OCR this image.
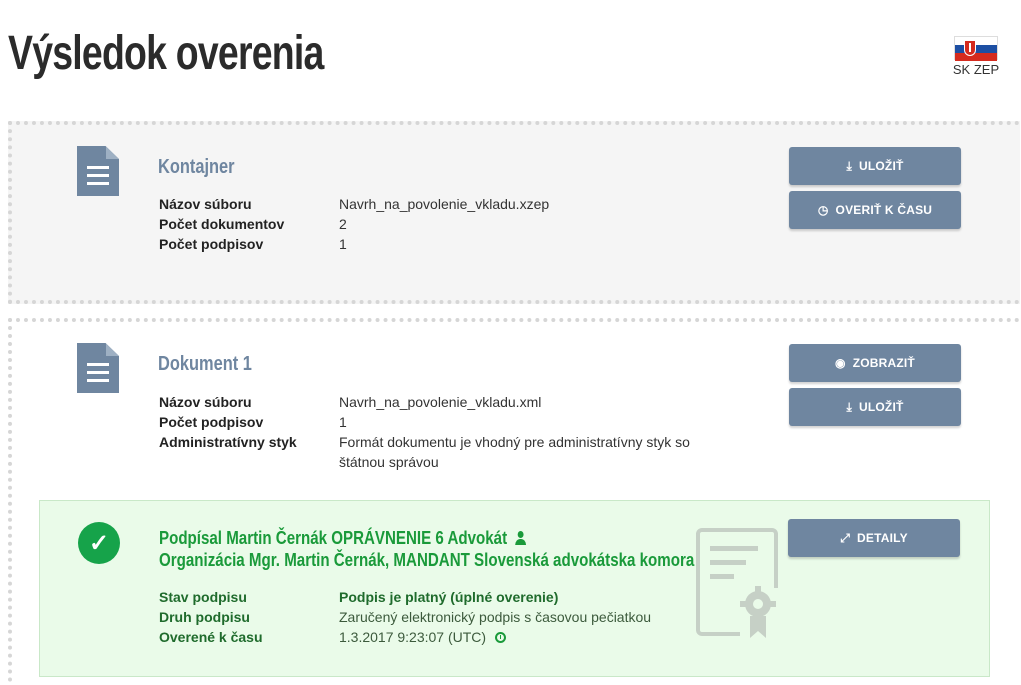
Výsledok overenia	SK ZEP
Kontajner
Názov súboru	Navrh_na_povolenie_vkladu.xzep
Počet dokumentov	2
Počet podpisov	1
⤓ ULOŽIŤ
◷ OVERIŤ K ČASU
Dokument 1
Názov súboru	Navrh_na_povolenie_vkladu.xml
Počet podpisov	1
Administratívny styk	Formát dokumentu je vhodný pre administratívny styk so štátnou správou
◉ ZOBRAZIŤ
⤓ ULOŽIŤ
✓	Podpísal Martin Černák OPRÁVNENIE 6 Advokát
Organizácia Mgr. Martin Černák, MANDANT Slovenská advokátska komora
Stav podpisu	Podpis je platný (úplné overenie)
Druh podpisu	Zaručený elektronický podpis s časovou pečiatkou
Overené k času	1.3.2017 9:23:07 (UTC)
⤢ DETAILY
